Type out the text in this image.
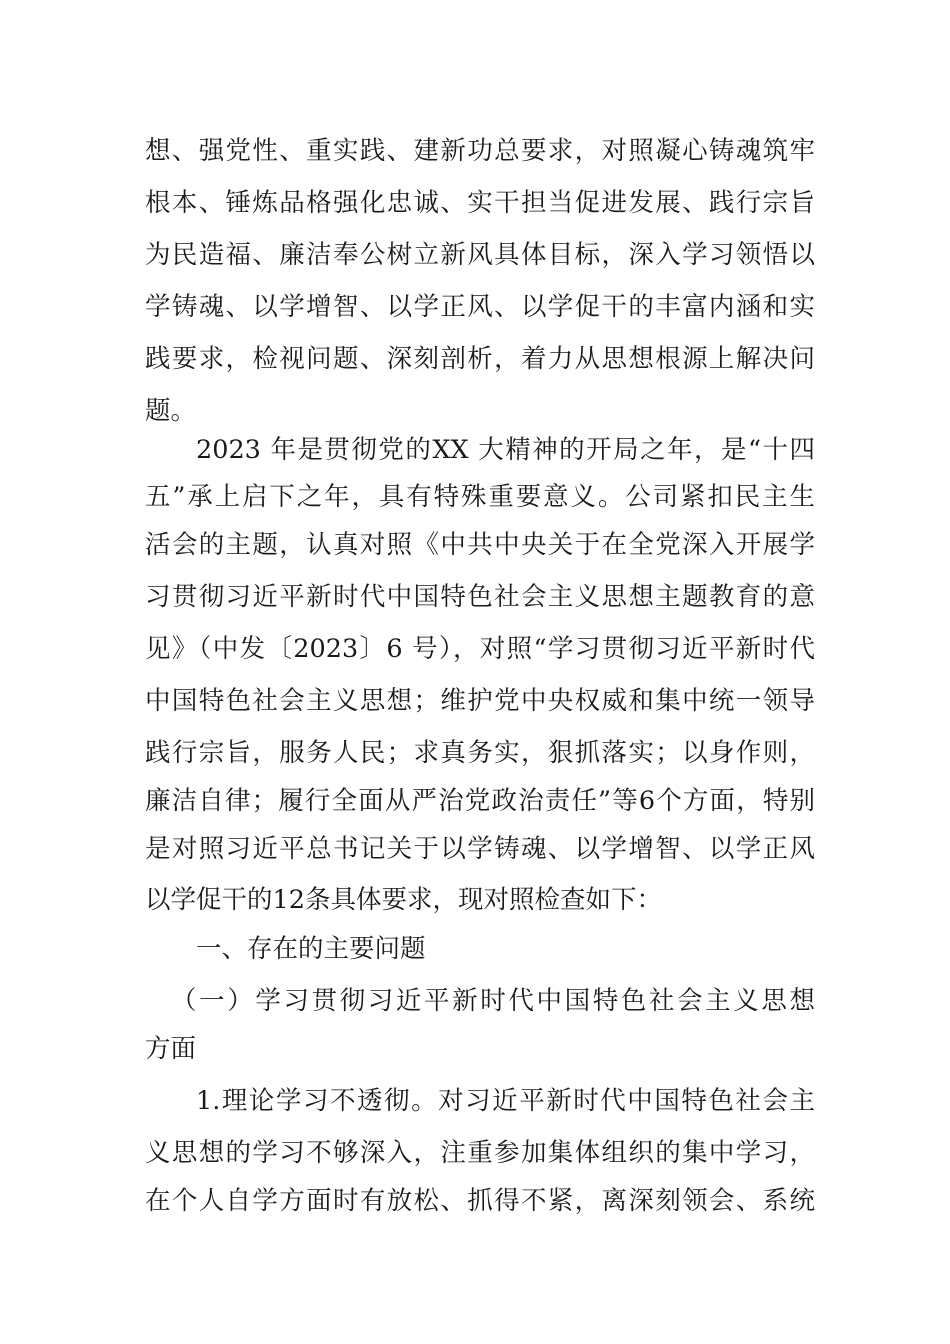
想、强党性、重实践、建新功总要求，对照凝心铸魂筑牢
根本、锤炼品格强化忠诚、实干担当促进发展、践行宗旨
为民造福、廉洁奉公树立新风具体目标，深入学习领悟以
学铸魂、以学增智、以学正风、以学促干的丰富内涵和实
践要求，检视问题、深刻剖析，着力从思想根源上解决问
题。
2023 年是贯彻党的XX 大精神的开局之年，是“十四
五”承上启下之年，具有特殊重要意义。公司紧扣民主生
活会的主题，认真对照《中共中央关于在全党深入开展学
习贯彻习近平新时代中国特色社会主义思想主题教育的意
见》（中发〔2023〕6 号），对照“学习贯彻习近平新时代
中国特色社会主义思想；维护党中央权威和集中统一领导
践行宗旨，服务人民；求真务实，狠抓落实；以身作则，
廉洁自律；履行全面从严治党政治责任”等6个方面，特别
是对照习近平总书记关于以学铸魂、以学增智、以学正风
以学促干的12条具体要求，现对照检查如下：
一、存在的主要问题
（一）学习贯彻习近平新时代中国特色社会主义思想
方面
1.理论学习不透彻。对习近平新时代中国特色社会主
义思想的学习不够深入，注重参加集体组织的集中学习，
在个人自学方面时有放松、抓得不紧，离深刻领会、系统
